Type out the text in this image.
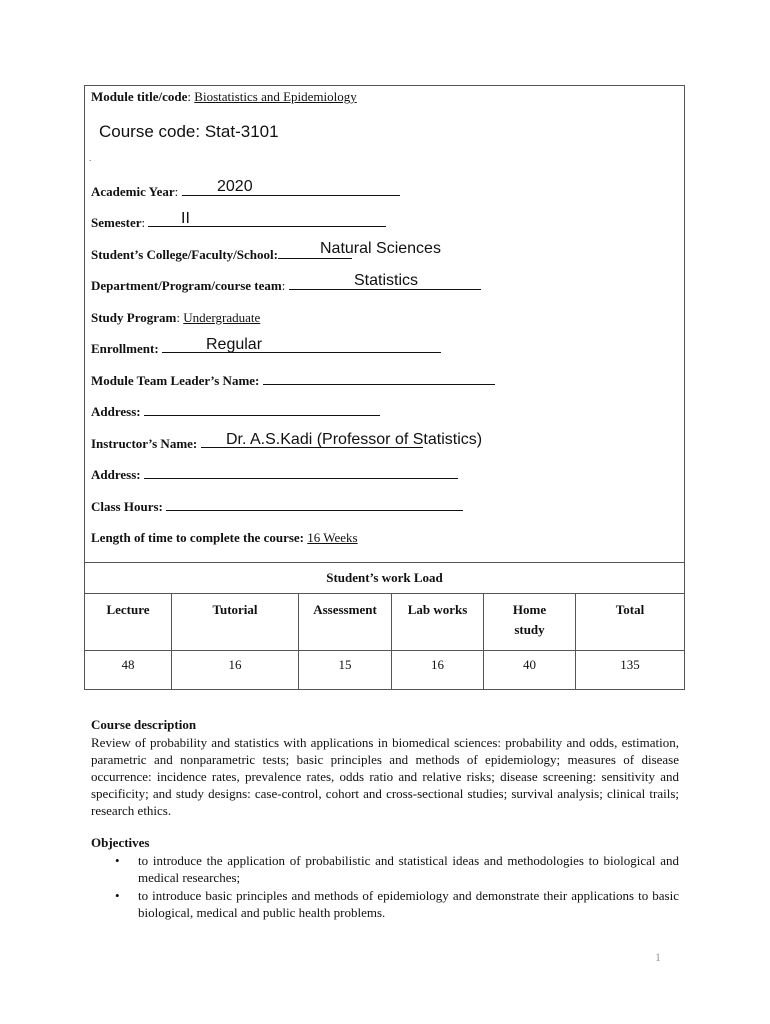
Module title/code: Biostatistics and Epidemiology
Course code: Stat-3101
.
Academic Year:	2020
Semester:	II
Student’s College/Faculty/School:	Natural Sciences
Department/Program/course team:	Statistics
Study Program: Undergraduate
Enrollment:	Regular
Module Team Leader’s Name:
Address:
Instructor’s Name:	Dr. A.S.Kadi (Professor of Statistics)
Address:
Class Hours:
Length of time to complete the course: 16 Weeks
Student’s work Load					
Lecture	Tutorial	Assessment	Lab works	Home study	Total
48	16	15	16	40	135
Course description
Review of probability and statistics with applications in biomedical sciences: probability and odds, estimation, parametric and nonparametric tests; basic principles and methods of epidemiology; measures of disease occurrence: incidence rates, prevalence rates, odds ratio and relative risks; disease screening: sensitivity and specificity; and study designs: case-control, cohort and cross-sectional studies; survival analysis; clinical trails; research ethics.
Objectives
• to introduce the application of probabilistic and statistical ideas and methodologies to biological and medical researches;
• to introduce basic principles and methods of epidemiology and demonstrate their applications to basic biological, medical and public health problems.
1
